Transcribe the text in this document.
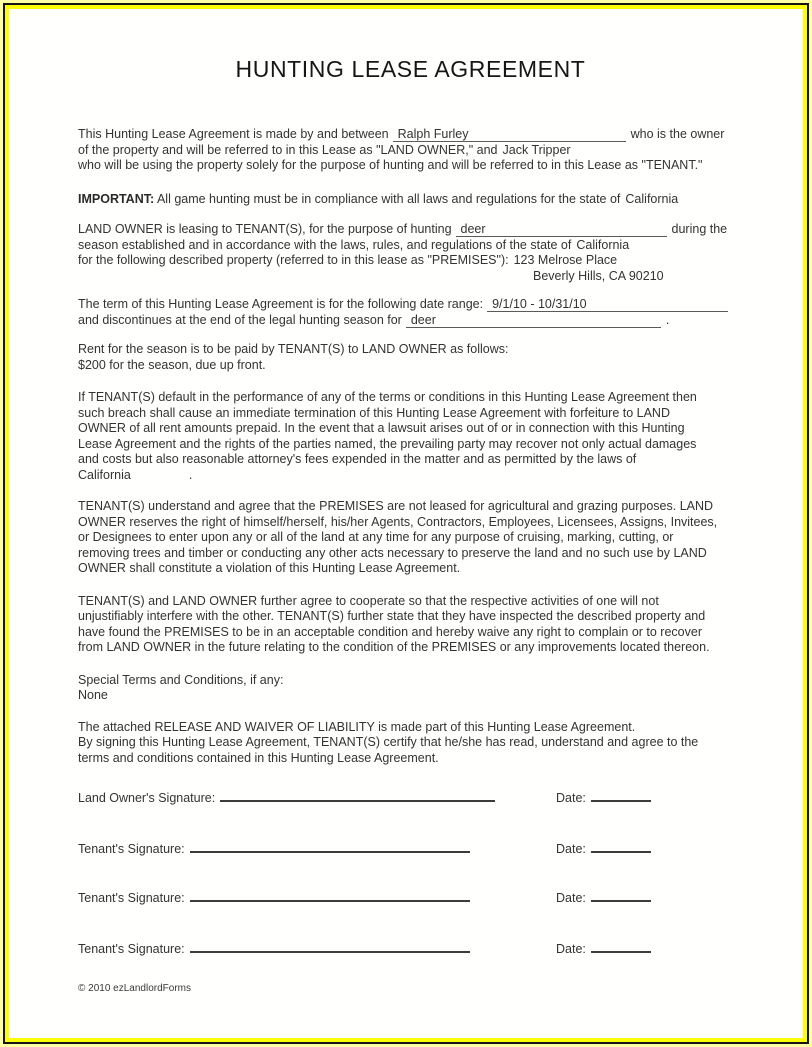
HUNTING LEASE AGREEMENT
This Hunting Lease Agreement is made by and between Ralph Furley	who is the owner
of the property and will be referred to in this Lease as "LAND OWNER," and Jack Tripper
who will be using the property solely for the purpose of hunting and will be referred to in this Lease as "TENANT."
IMPORTANT: All game hunting must be in compliance with all laws and regulations for the state of California
LAND OWNER is leasing to TENANT(S), for the purpose of hunting deer	during the
season established and in accordance with the laws, rules, and regulations of the state of California
for the following described property (referred to in this lease as "PREMISES"): 123 Melrose Place
Beverly Hills, CA 90210
The term of this Hunting Lease Agreement is for the following date range: 9/1/10 - 10/31/10
and discontinues at the end of the legal hunting season for deer	.
Rent for the season is to be paid by TENANT(S) to LAND OWNER as follows:
$200 for the season, due up front.
If TENANT(S) default in the performance of any of the terms or conditions in this Hunting Lease Agreement then
such breach shall cause an immediate termination of this Hunting Lease Agreement with forfeiture to LAND
OWNER of all rent amounts prepaid. In the event that a lawsuit arises out of or in connection with this Hunting
Lease Agreement and the rights of the parties named, the prevailing party may recover not only actual damages
and costs but also reasonable attorney's fees expended in the matter and as permitted by the laws of
California	.
TENANT(S) understand and agree that the PREMISES are not leased for agricultural and grazing purposes. LAND
OWNER reserves the right of himself/herself, his/her Agents, Contractors, Employees, Licensees, Assigns, Invitees,
or Designees to enter upon any or all of the land at any time for any purpose of cruising, marking, cutting, or
removing trees and timber or conducting any other acts necessary to preserve the land and no such use by LAND
OWNER shall constitute a violation of this Hunting Lease Agreement.
TENANT(S) and LAND OWNER further agree to cooperate so that the respective activities of one will not
unjustifiably interfere with the other. TENANT(S) further state that they have inspected the described property and
have found the PREMISES to be in an acceptable condition and hereby waive any right to complain or to recover
from LAND OWNER in the future relating to the condition of the PREMISES or any improvements located thereon.
Special Terms and Conditions, if any:
None
The attached RELEASE AND WAIVER OF LIABILITY is made part of this Hunting Lease Agreement.
By signing this Hunting Lease Agreement, TENANT(S) certify that he/she has read, understand and agree to the
terms and conditions contained in this Hunting Lease Agreement.
Land Owner's Signature:	Date:
Tenant's Signature:	Date:
Tenant's Signature:	Date:
Tenant's Signature:	Date:
© 2010 ezLandlordForms
